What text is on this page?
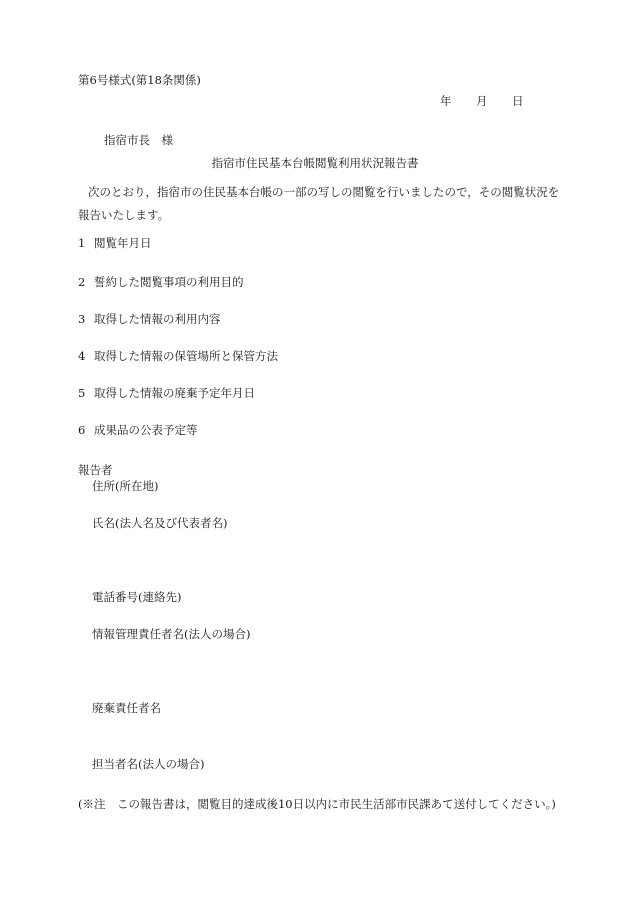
第6号様式(第18条関係)
年 月 日
指宿市長　様
指宿市住民基本台帳閲覧利用状況報告書
次のとおり，指宿市の住民基本台帳の一部の写しの閲覧を行いましたので，その閲覧状況を報告いたします。
1 閲覧年月日
2 誓約した閲覧事項の利用目的
3 取得した情報の利用内容
4 取得した情報の保管場所と保管方法
5 取得した情報の廃棄予定年月日
6 成果品の公表予定等
報告者
住所(所在地)
氏名(法人名及び代表者名)
電話番号(連絡先)
情報管理責任者名(法人の場合)
廃棄責任者名
担当者名(法人の場合)
(※注　この報告書は，閲覧目的達成後10日以内に市民生活部市民課あて送付してください。)
